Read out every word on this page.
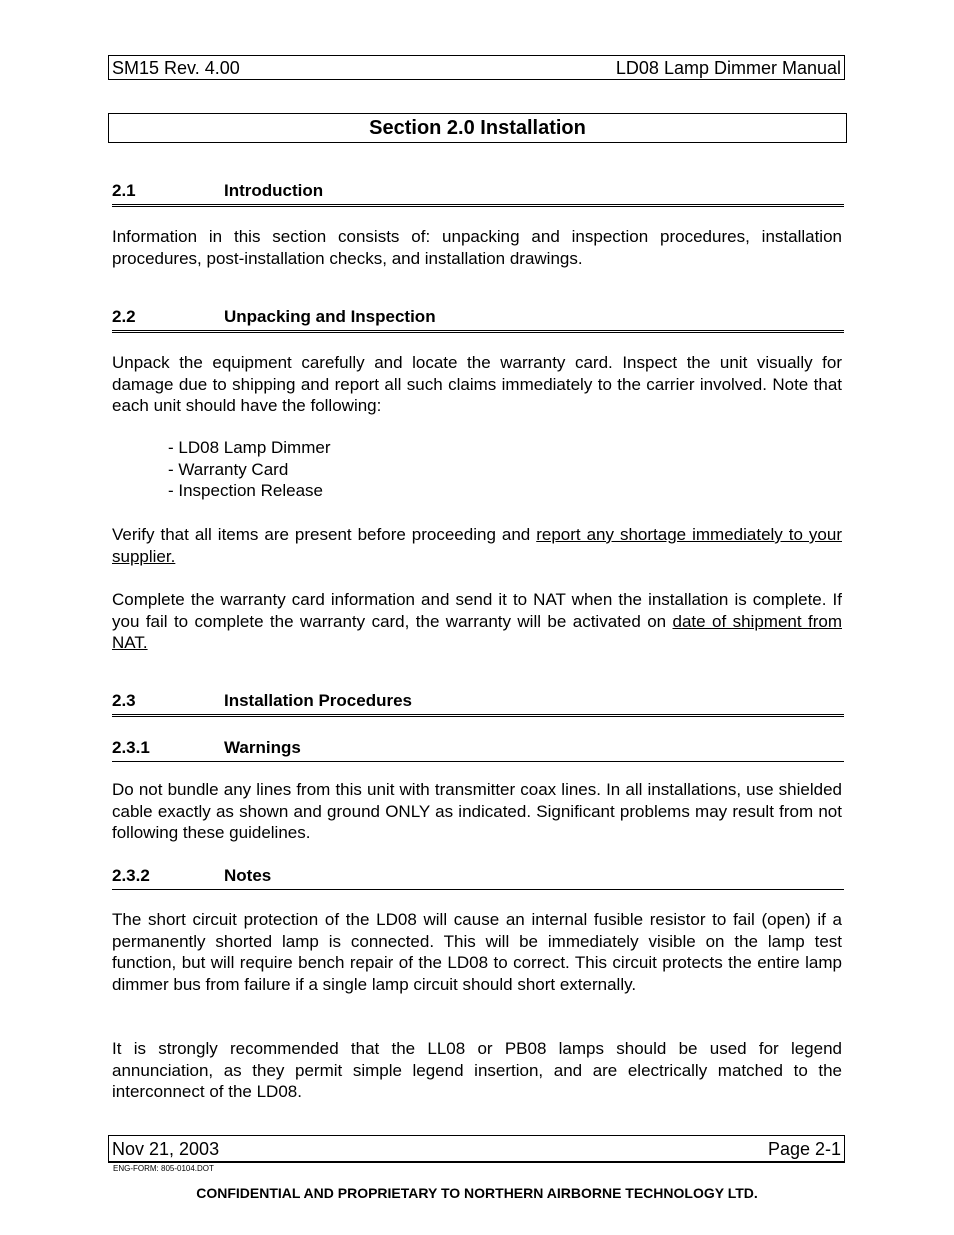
SM15 Rev. 4.00	LD08 Lamp Dimmer Manual
Section 2.0 Installation
2.1	Introduction
Information in this section consists of: unpacking and inspection procedures, installation procedures, post-installation checks, and installation drawings.
2.2	Unpacking and Inspection
Unpack the equipment carefully and locate the warranty card. Inspect the unit visually for damage due to shipping and report all such claims immediately to the carrier involved. Note that each unit should have the following:
- LD08 Lamp Dimmer
- Warranty Card
- Inspection Release
Verify that all items are present before proceeding and report any shortage immediately to your supplier.
Complete the warranty card information and send it to NAT when the installation is complete. If you fail to complete the warranty card, the warranty will be activated on date of shipment from NAT.
2.3	Installation Procedures
2.3.1	Warnings
Do not bundle any lines from this unit with transmitter coax lines. In all installations, use shielded cable exactly as shown and ground ONLY as indicated. Significant problems may result from not following these guidelines.
2.3.2	Notes
The short circuit protection of the LD08 will cause an internal fusible resistor to fail (open) if a permanently shorted lamp is connected. This will be immediately visible on the lamp test function, but will require bench repair of the LD08 to correct. This circuit protects the entire lamp dimmer bus from failure if a single lamp circuit should short externally.
It is strongly recommended that the LL08 or PB08 lamps should be used for legend annunciation, as they permit simple legend insertion, and are electrically matched to the interconnect of the LD08.
Nov 21, 2003	Page 2-1
ENG-FORM: 805-0104.DOT
CONFIDENTIAL AND PROPRIETARY TO NORTHERN AIRBORNE TECHNOLOGY LTD.
